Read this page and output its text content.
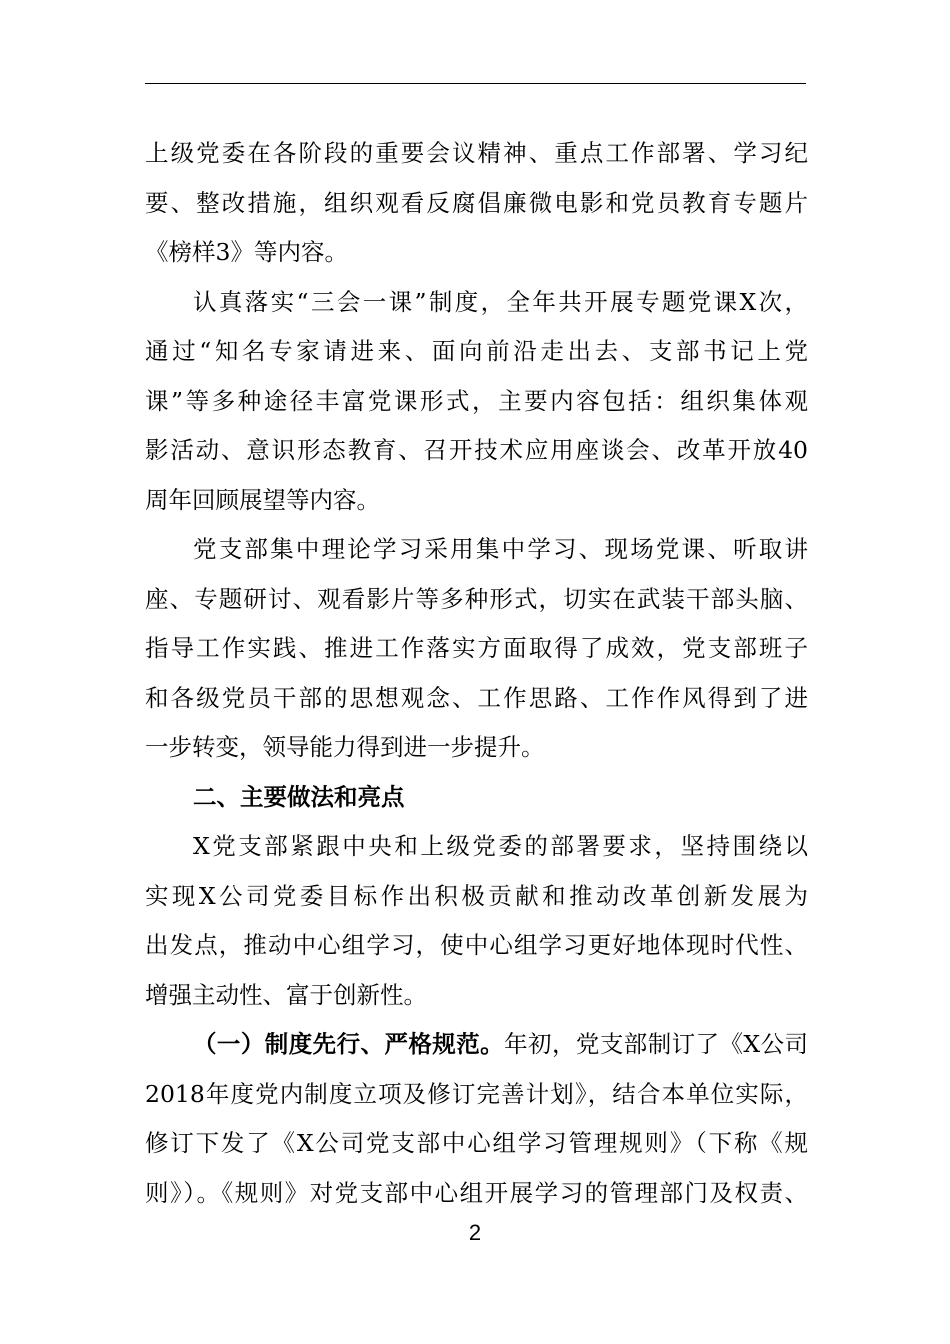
上级党委在各阶段的重要会议精神、重点工作部署、学习纪
要、整改措施，组织观看反腐倡廉微电影和党员教育专题片
《榜样3》等内容。
认真落实“三会一课”制度，全年共开展专题党课X次，
通过“知名专家请进来、面向前沿走出去、支部书记上党
课”等多种途径丰富党课形式，主要内容包括：组织集体观
影活动、意识形态教育、召开技术应用座谈会、改革开放40
周年回顾展望等内容。
党支部集中理论学习采用集中学习、现场党课、听取讲
座、专题研讨、观看影片等多种形式，切实在武装干部头脑、
指导工作实践、推进工作落实方面取得了成效，党支部班子
和各级党员干部的思想观念、工作思路、工作作风得到了进
一步转变，领导能力得到进一步提升。
二、主要做法和亮点
X党支部紧跟中央和上级党委的部署要求，坚持围绕以
实现X公司党委目标作出积极贡献和推动改革创新发展为
出发点，推动中心组学习，使中心组学习更好地体现时代性、
增强主动性、富于创新性。
（一）制度先行、严格规范。年初，党支部制订了《X公司
2018年度党内制度立项及修订完善计划》，结合本单位实际，
修订下发了《X公司党支部中心组学习管理规则》（下称《规
则》）。《规则》对党支部中心组开展学习的管理部门及权责、
2
